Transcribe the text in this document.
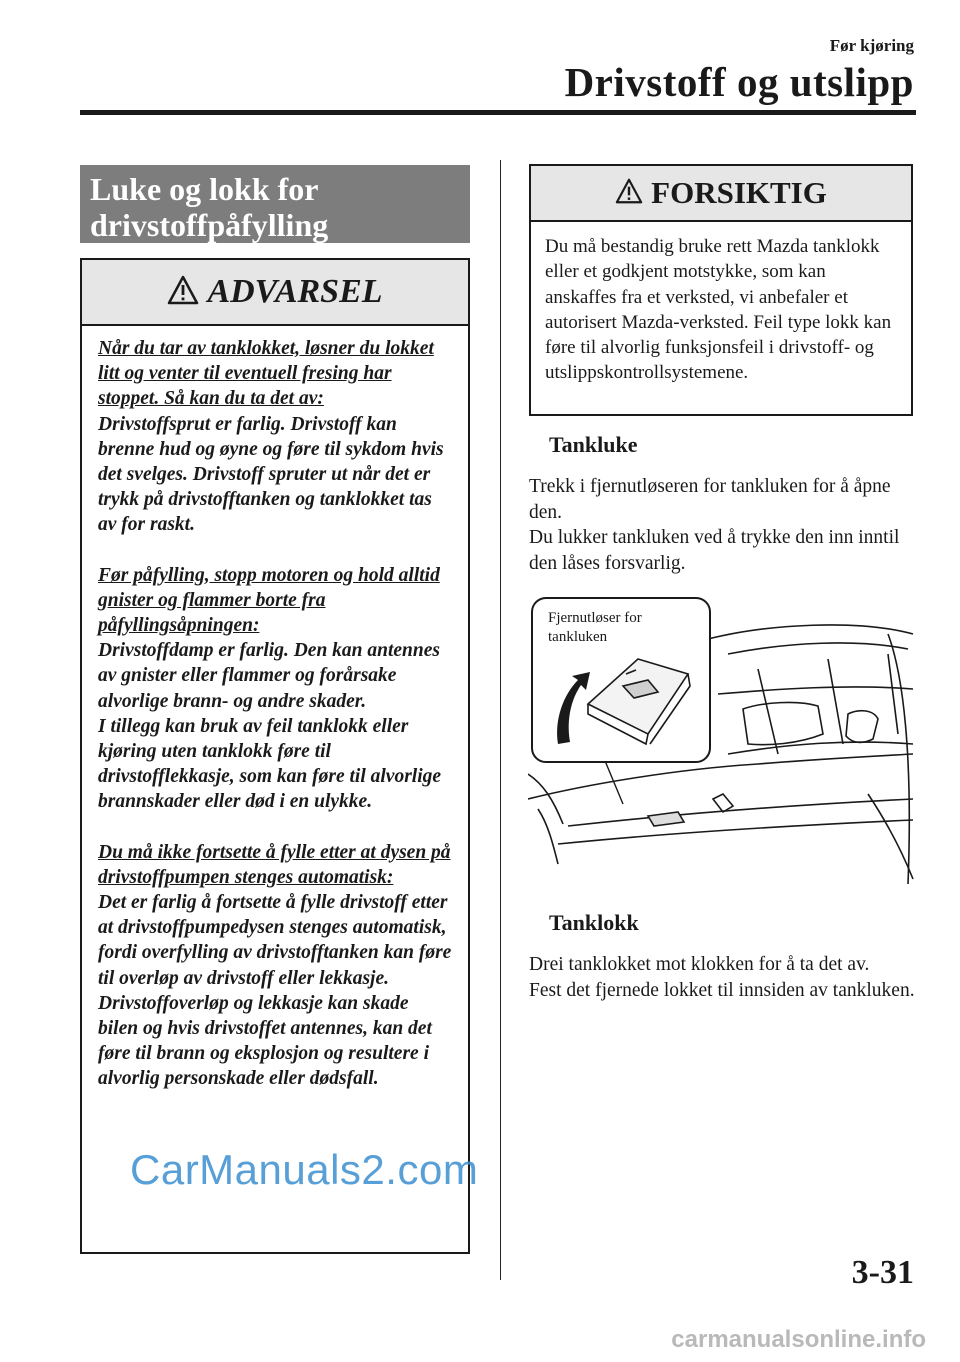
Før kjøring
Drivstoff og utslipp
Luke og lokk for drivstoffpåfylling
ADVARSEL

Når du tar av tanklokket, løsner du lokket litt og venter til eventuell fresing har stoppet. Så kan du ta det av:

Drivstoffsprut er farlig. Drivstoff kan brenne hud og øyne og føre til sykdom hvis det svelges. Drivstoff spruter ut når det er trykk på drivstofftanken og tanklokket tas av for raskt.

Før påfylling, stopp motoren og hold alltid gnister og flammer borte fra påfyllingsåpningen:

Drivstoffdamp er farlig. Den kan antennes av gnister eller flammer og forårsake alvorlige brann- og andre skader.

I tillegg kan bruk av feil tanklokk eller kjøring uten tanklokk føre til drivstofflekkasje, som kan føre til alvorlige brannskader eller død i en ulykke.

Du må ikke fortsette å fylle etter at dysen på drivstoffpumpen stenges automatisk:

Det er farlig å fortsette å fylle drivstoff etter at drivstoffpumpedysen stenges automatisk, fordi overfylling av drivstofftanken kan føre til overløp av drivstoff eller lekkasje. Drivstoffoverløp og lekkasje kan skade bilen og hvis drivstoffet antennes, kan det føre til brann og eksplosjon og resultere i alvorlig personskade eller dødsfall.

FORSIKTIG
Du må bestandig bruke rett Mazda tanklokk eller et godkjent motstykke, som kan anskaffes fra et verksted, vi anbefaler et autorisert Mazda-verksted. Feil type lokk kan føre til alvorlig funksjonsfeil i drivstoff- og utslippskontrollsystemene.
Tankluke

Trekk i fjernutløseren for tankluken for å åpne den.

Du lukker tankluken ved å trykke den inn inntil den låses forsvarlig.

Fjernutløser for
tankluken
Tanklokk

Drei tanklokket mot klokken for å ta det av.

Fest det fjernede lokket til innsiden av tankluken.

CarManuals2.com
3-31
carmanualsonline.info
